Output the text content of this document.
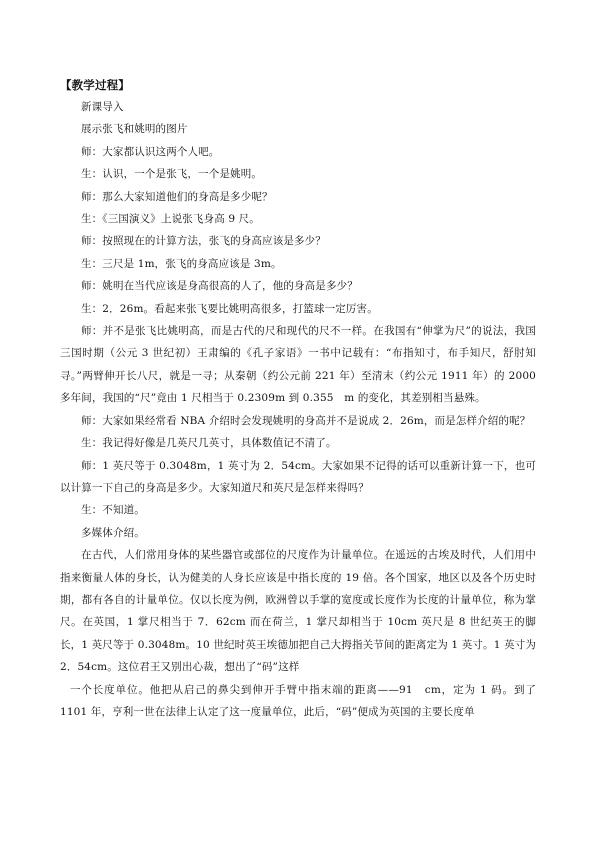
【教学过程】

新课导入

展示张飞和姚明的图片

师：大家都认识这两个人吧。

生：认识，一个是张飞，一个是姚明。

师：那么大家知道他们的身高是多少呢？

生：《三国演义》上说张飞身高 9 尺。

师：按照现在的计算方法，张飞的身高应该是多少？

生：三尺是 1m，张飞的身高应该是 3m。

师：姚明在当代应该是身高很高的人了，他的身高是多少？

生：2．26m。看起来张飞要比姚明高很多，打篮球一定厉害。

师：并不是张飞比姚明高，而是古代的尺和现代的尺不一样。在我国有“伸掌为尺”的说法，我国三国时期（公元 3 世纪初）王肃编的《孔子家语》一书中记载有：“布指知寸，布手知尺，舒肘知寻。”两臂伸开长八尺，就是一寻；从秦朝（约公元前 221 年）至清末（约公元 1911 年）的 2000 多年间，我国的“尺”竟由 1 尺相当于 0.2309m 到 0.355　m 的变化，其差别相当悬殊。

师：大家如果经常看 NBA 介绍时会发现姚明的身高并不是说成 2．26m，而是怎样介绍的呢？

生：我记得好像是几英尺几英寸，具体数值记不清了。

师：1 英尺等于 0.3048m，1 英寸为 2．54cm。大家如果不记得的话可以重新计算一下，也可以计算一下自己的身高是多少。大家知道尺和英尺是怎样来得吗？

生：不知道。

多媒体介绍。

在古代，人们常用身体的某些器官或部位的尺度作为计量单位。在遥远的古埃及时代，人们用中指来衡量人体的身长，认为健美的人身长应该是中指长度的 19 倍。各个国家，地区以及各个历史时期，都有各自的计量单位。仅以长度为例，欧洲曾以手掌的宽度或长度作为长度的计量单位，称为掌尺。在英国，1 掌尺相当于 7．62cm 而在荷兰，1 掌尺却相当于 10cm 英尺是 8 世纪英王的脚长，1 英尺等于 0.3048m。10 世纪时英王埃德加把自己大拇指关节间的距离定为 1 英寸。1 英寸为 2．54cm。这位君王又别出心裁，想出了“码”这样

一个长度单位。他把从启己的鼻尖到伸开手臂中指末端的距离——91　cm，定为 1 码。到了 1101 年，亨利一世在法律上认定了这一度量单位，此后，“码”便成为英国的主要长度单
